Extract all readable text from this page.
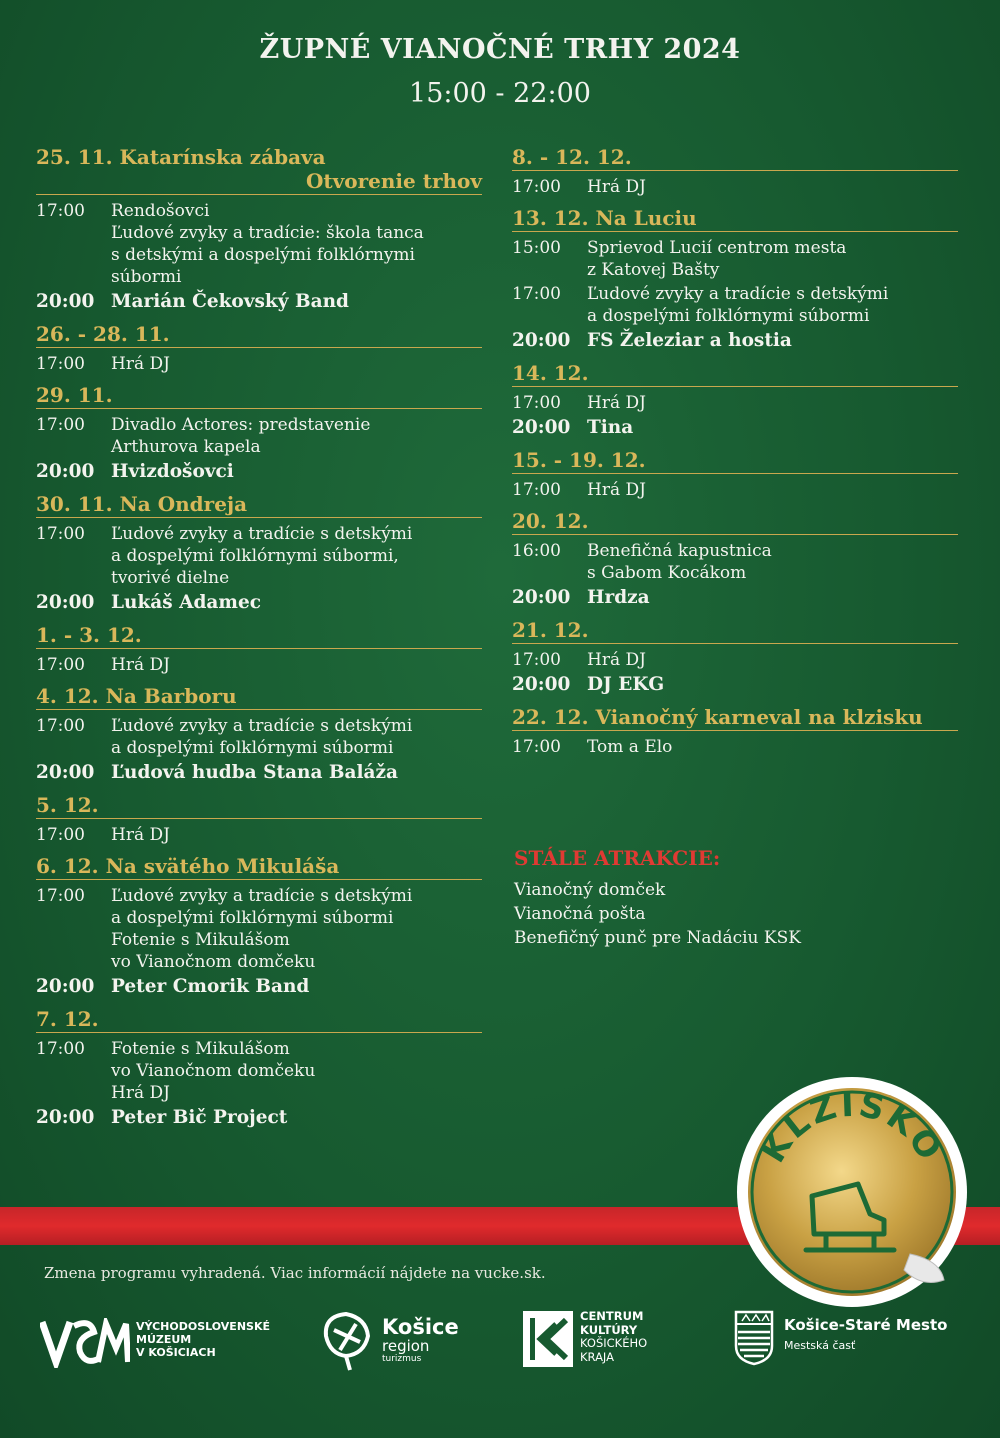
ŽUPNÉ VIANOČNÉ TRHY 2024
15:00 - 22:00
25. 11. Katarínska zábava
Otvorenie trhov
17:00	Rendošovci
Ľudové zvyky a tradície: škola tanca
s detskými a dospelými folklórnymi
súbormi
20:00 Marián Čekovský Band
26. - 28. 11.
17:00	Hrá DJ
29. 11.
17:00	Divadlo Actores: predstavenie
Arthurova kapela
20:00 Hvizdošovci
30. 11. Na Ondreja
17:00	Ľudové zvyky a tradície s detskými
a dospelými folklórnymi súbormi,
tvorivé dielne
20:00 Lukáš Adamec
1. - 3. 12.
17:00	Hrá DJ
4. 12. Na Barboru
17:00	Ľudové zvyky a tradície s detskými
a dospelými folklórnymi súbormi
20:00 Ľudová hudba Stana Baláža
5. 12.
17:00	Hrá DJ
6. 12. Na svätého Mikuláša
17:00	Ľudové zvyky a tradície s detskými
a dospelými folklórnymi súbormi
Fotenie s Mikulášom
vo Vianočnom domčeku
20:00 Peter Cmorik Band
7. 12.
17:00	Fotenie s Mikulášom
vo Vianočnom domčeku
Hrá DJ
20:00 Peter Bič Project
8. - 12. 12.
17:00	Hrá DJ
13. 12. Na Luciu
15:00	Sprievod Lucií centrom mesta
z Katovej Bašty
17:00	Ľudové zvyky a tradície s detskými
a dospelými folklórnymi súbormi
20:00 FS Železiar a hostia
14. 12.
17:00	Hrá DJ
20:00 Tina
15. - 19. 12.
17:00	Hrá DJ
20. 12.
16:00	Benefičná kapustnica
s Gabom Kocákom
20:00 Hrdza
21. 12.
17:00	Hrá DJ
20:00 DJ EKG
22. 12. Vianočný karneval na klzisku
17:00	Tom a Elo
STÁLE ATRAKCIE:
Vianočný domček
Vianočná pošta
Benefičný punč pre Nadáciu KSK
Zmena programu vyhradená. Viac informácií nájdete na vucke.sk.
KLZISKO
VÝCHODOSLOVENSKÉ
MÚZEUM
V KOŠICIACH
Košice
region
turizmus
CENTRUM
KULTÚRY
KOŠICKÉHO
KRAJA
Košice-Staré Mesto
Mestská časť
